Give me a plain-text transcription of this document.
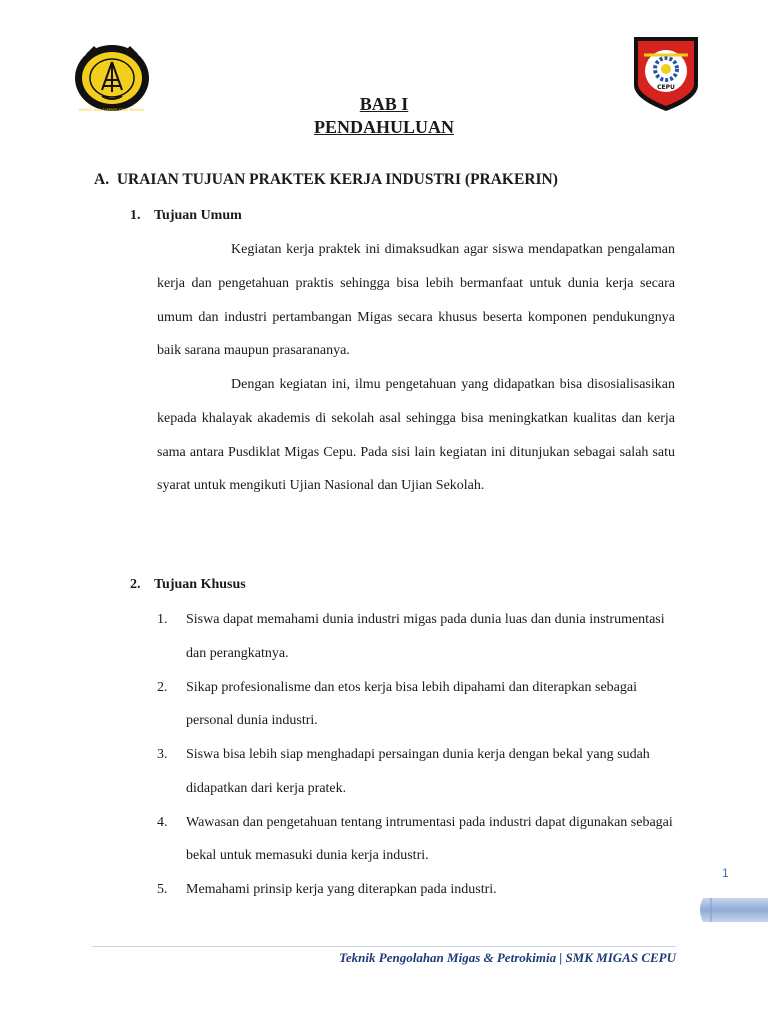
ENERGI DAN SUMBER DAYA MINERAL
CEPU
BAB I
PENDAHULUAN
A. URAIAN TUJUAN PRAKTEK KERJA INDUSTRI (PRAKERIN)
1. Tujuan Umum

Kegiatan kerja praktek ini dimaksudkan agar siswa mendapatkan pengalaman kerja dan pengetahuan praktis sehingga bisa lebih bermanfaat untuk dunia kerja secara umum dan industri pertambangan Migas secara khusus beserta komponen pendukungnya baik sarana maupun prasarananya.

Dengan kegiatan ini, ilmu pengetahuan yang didapatkan bisa disosialisasikan kepada khalayak akademis di sekolah asal sehingga bisa meningkatkan kualitas dan kerja sama antara Pusdiklat Migas Cepu. Pada sisi lain kegiatan ini ditunjukan sebagai salah satu syarat untuk mengikuti Ujian Nasional dan Ujian Sekolah.

2. Tujuan Khusus
1. Siswa dapat memahami dunia industri migas pada dunia luas dan dunia instrumentasi dan perangkatnya.
2. Sikap profesionalisme dan etos kerja bisa lebih dipahami dan diterapkan sebagai personal dunia industri.
3. Siswa bisa lebih siap menghadapi persaingan dunia kerja dengan bekal yang sudah didapatkan dari kerja pratek.
4. Wawasan dan pengetahuan tentang intrumentasi pada industri dapat digunakan sebagai bekal untuk memasuki dunia kerja industri.
5. Memahami prinsip kerja yang diterapkan pada industri.
1
Teknik Pengolahan Migas & Petrokimia | SMK MIGAS CEPU
